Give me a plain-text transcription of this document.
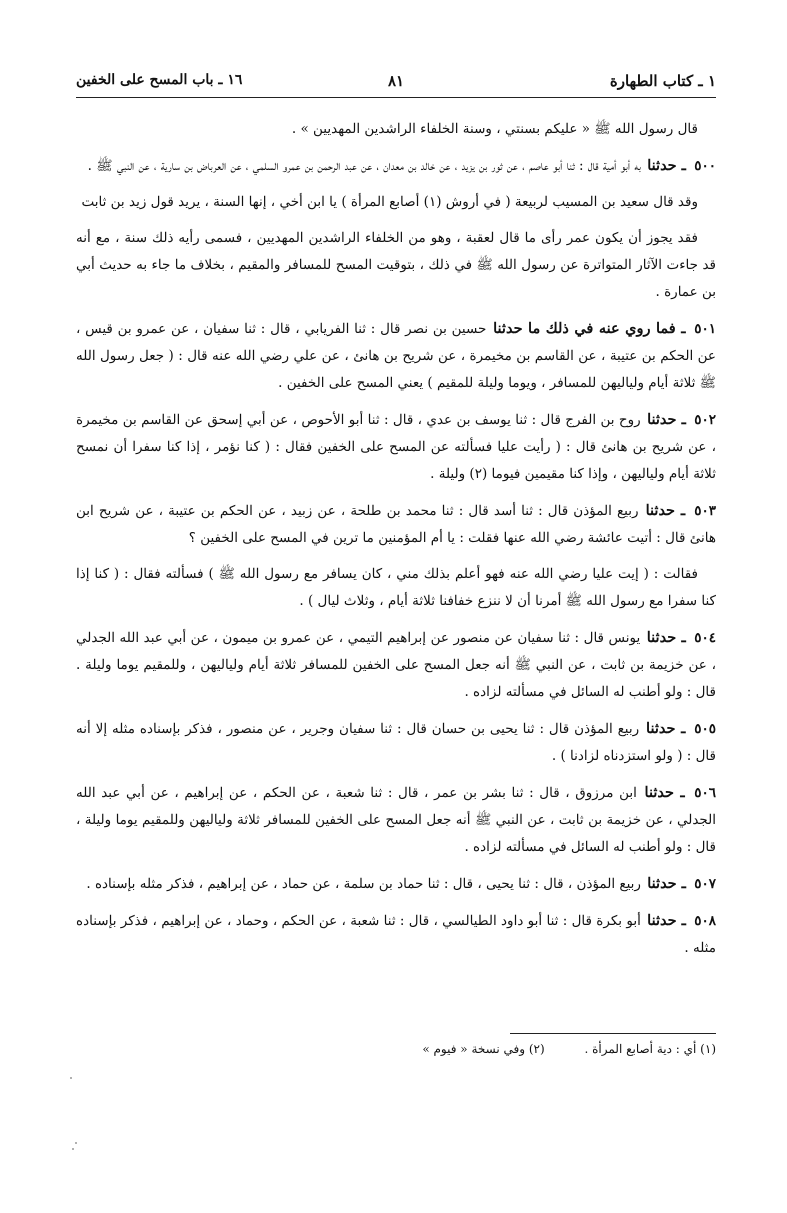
١ ـ كتاب الطهارة
٨١
١٦ ـ باب المسح على الخفين

قال رسول الله ﷺ « عليكم بسنتي ، وسنة الخلفاء الراشدين المهديين » .

٥٠٠ ـ حدثنا به أبو أمية قال : ثنا أبو عاصم ، عن ثور بن يزيد ، عن خالد بن معدان ، عن عبد الرحمن بن عمرو السلمي ، عن العرباض بن سارية ، عن النبي ﷺ .

وقد قال سعيد بن المسيب لربيعة ( في أروش (١) أصابع المرأة ) يا ابن أخي ، إنها السنة ، يريد قول زيد بن ثابت

فقد يجوز أن يكون عمر رأى ما قال لعقبة ، وهو من الخلفاء الراشدين المهديين ، فسمى رأيه ذلك سنة ، مع أنه قد جاءت الآثار المتواترة عن رسول الله ﷺ في ذلك ، بتوقيت المسح للمسافر والمقيم ، بخلاف ما جاء به حديث أبي بن عمارة .

٥٠١ ـ فما روي عنه في ذلك ما حدثنا حسين بن نصر قال : ثنا الفريابي ، قال : ثنا سفيان ، عن عمرو بن قيس ، عن الحكم بن عتيبة ، عن القاسم بن مخيمرة ، عن شريح بن هانئ ، عن علي رضي الله عنه قال : ( جعل رسول الله ﷺ ثلاثة أيام ولياليهن للمسافر ، ويوما وليلة للمقيم ) يعني المسح على الخفين .

٥٠٢ ـ حدثنا روح بن الفرج قال : ثنا يوسف بن عدي ، قال : ثنا أبو الأحوص ، عن أبي إسحق عن القاسم بن مخيمرة ، عن شريح بن هانئ قال : ( رأيت عليا فسألته عن المسح على الخفين فقال : ( كنا نؤمر ، إذا كنا سفرا أن نمسح ثلاثة أيام ولياليهن ، وإذا كنا مقيمين فيوما (٢) وليلة .

٥٠٣ ـ حدثنا ربيع المؤذن قال : ثنا أسد قال : ثنا محمد بن طلحة ، عن زبيد ، عن الحكم بن عتيبة ، عن شريح ابن هانئ قال : أتيت عائشة رضي الله عنها فقلت : يا أم المؤمنين ما ترين في المسح على الخفين ؟

فقالت : ( إيت عليا رضي الله عنه فهو أعلم بذلك مني ، كان يسافر مع رسول الله ﷺ ) فسألته فقال : ( كنا إذا كنا سفرا مع رسول الله ﷺ أمرنا أن لا ننزع خفافنا ثلاثة أيام ، وثلاث ليال ) .

٥٠٤ ـ حدثنا يونس قال : ثنا سفيان عن منصور عن إبراهيم التيمي ، عن عمرو بن ميمون ، عن أبي عبد الله الجدلي ، عن خزيمة بن ثابت ، عن النبي ﷺ أنه جعل المسح على الخفين للمسافر ثلاثة أيام ولياليهن ، وللمقيم يوما وليلة . قال : ولو أطنب له السائل في مسألته لزاده .

٥٠٥ ـ حدثنا ربيع المؤذن قال : ثنا يحيى بن حسان قال : ثنا سفيان وجرير ، عن منصور ، فذكر بإسناده مثله إلا أنه قال : ( ولو استزدناه لزادنا ) .

٥٠٦ ـ حدثنا ابن مرزوق ، قال : ثنا بشر بن عمر ، قال : ثنا شعبة ، عن الحكم ، عن إبراهيم ، عن أبي عبد الله الجدلي ، عن خزيمة بن ثابت ، عن النبي ﷺ أنه جعل المسح على الخفين للمسافر ثلاثة ولياليهن وللمقيم يوما وليلة ، قال : ولو أطنب له السائل في مسألته لزاده .

٥٠٧ ـ حدثنا ربيع المؤذن ، قال : ثنا يحيى ، قال : ثنا حماد بن سلمة ، عن حماد ، عن إبراهيم ، فذكر مثله بإسناده .

٥٠٨ ـ حدثنا أبو بكرة قال : ثنا أبو داود الطيالسي ، قال : ثنا شعبة ، عن الحكم ، وحماد ، عن إبراهيم ، فذكر بإسناده مثله .

(١) أي : دية أصابع المرأة . (٢) وفي نسخة « فيوم »
